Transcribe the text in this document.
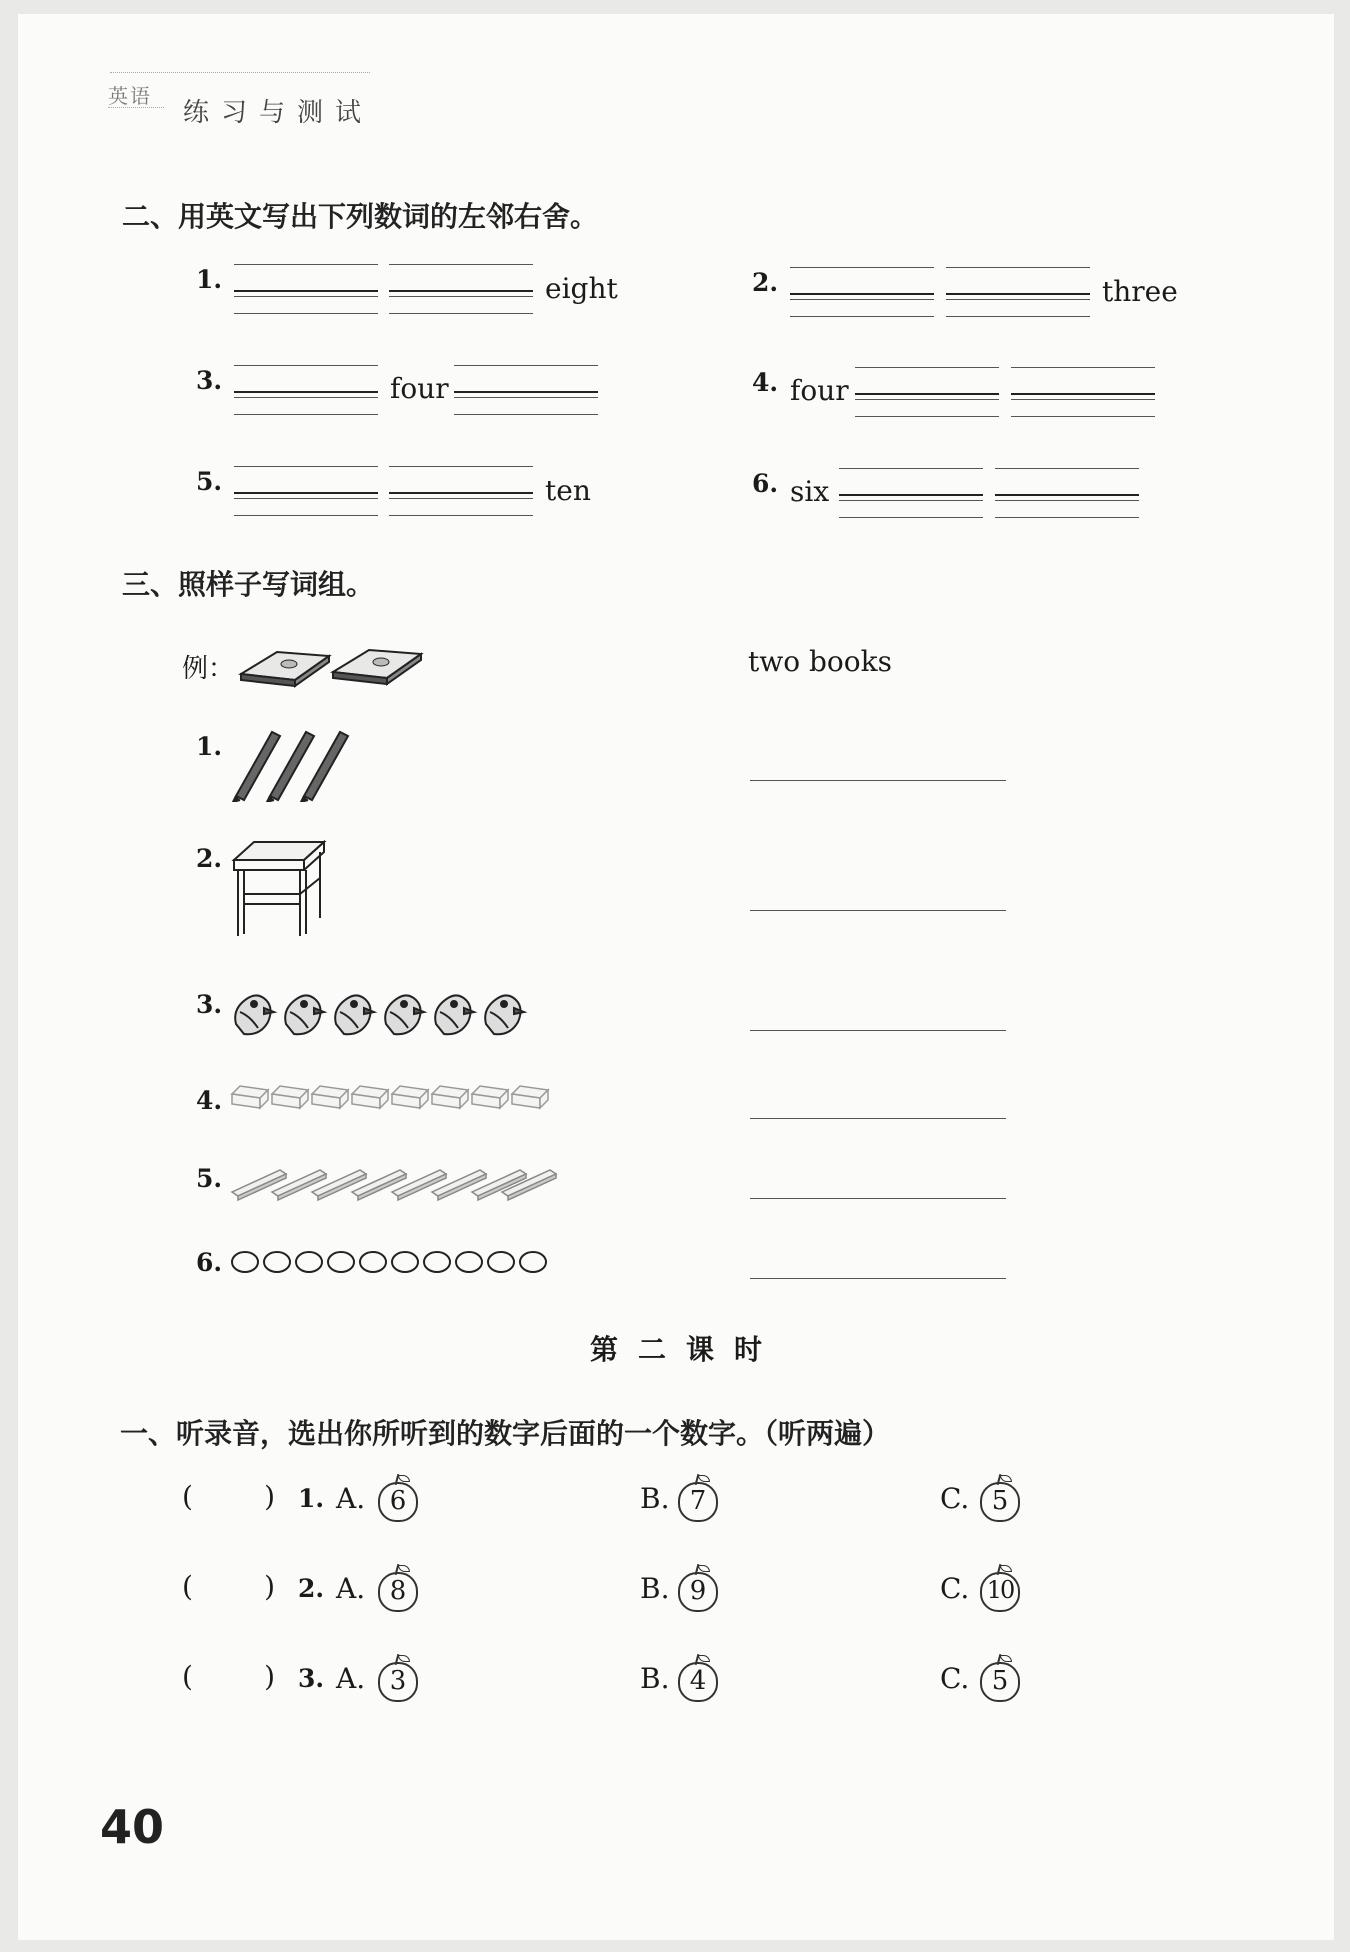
英语
练习与测试
二、用英文写出下列数词的左邻右舍。
1.	eight	2.	three
3.	four	4. four
5.	ten	6. six
三、照样子写词组。
例：	two books
1.
2.
3.
4.
5.
6.
第二课时
一、听录音，选出你所听到的数字后面的一个数字。（听两遍）
(        ) 1. A. 6	B. 7	C. 5
(        ) 2. A. 8	B. 9	C. 10
(        ) 3. A. 3	B. 4	C. 5
40
